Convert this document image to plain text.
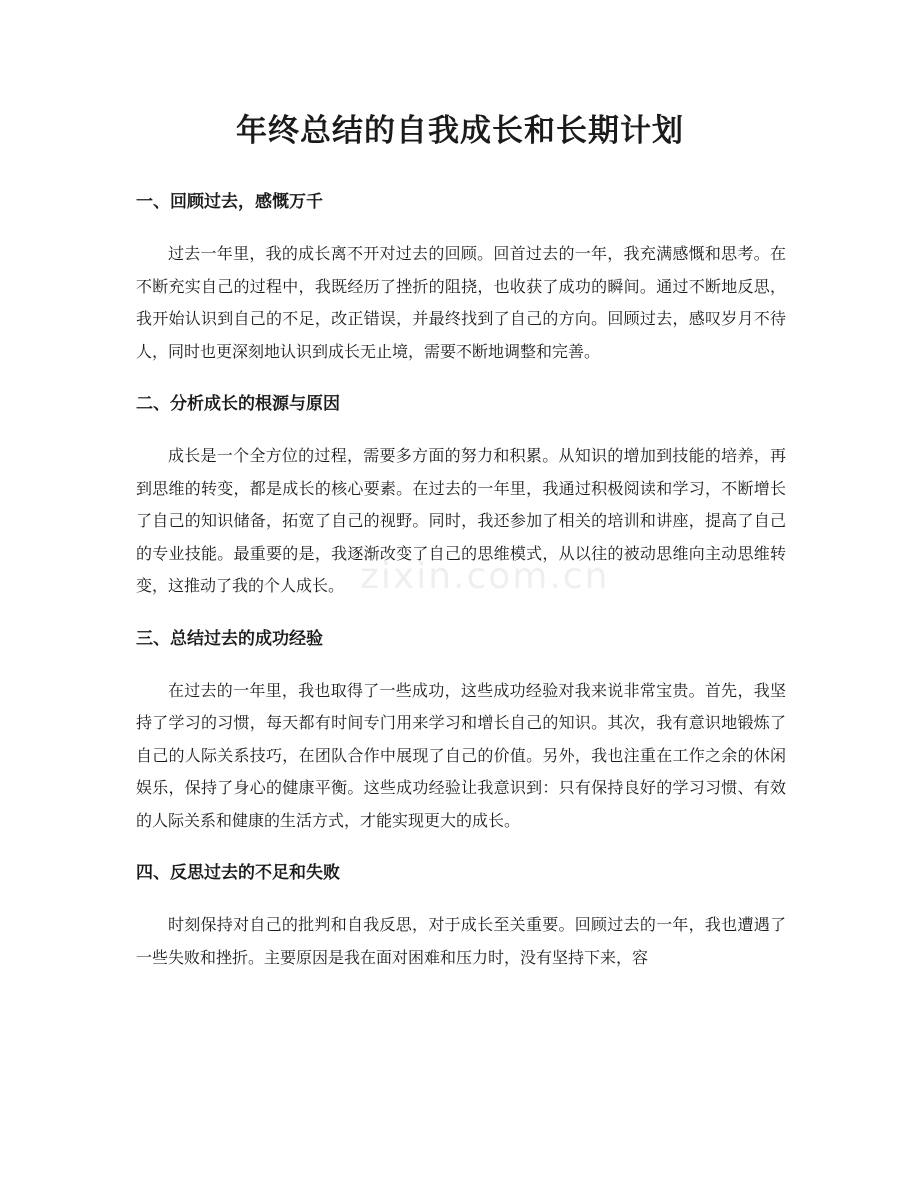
年终总结的自我成长和长期计划
zixin.com.cn
一、回顾过去，感慨万千

过去一年里，我的成长离不开对过去的回顾。回首过去的一年，我充满感慨和思考。在不断充实自己的过程中，我既经历了挫折的阻挠，也收获了成功的瞬间。通过不断地反思，我开始认识到自己的不足，改正错误，并最终找到了自己的方向。回顾过去，感叹岁月不待人，同时也更深刻地认识到成长无止境，需要不断地调整和完善。

二、分析成长的根源与原因

成长是一个全方位的过程，需要多方面的努力和积累。从知识的增加到技能的培养，再到思维的转变，都是成长的核心要素。在过去的一年里，我通过积极阅读和学习，不断增长了自己的知识储备，拓宽了自己的视野。同时，我还参加了相关的培训和讲座，提高了自己的专业技能。最重要的是，我逐渐改变了自己的思维模式，从以往的被动思维向主动思维转变，这推动了我的个人成长。

三、总结过去的成功经验

在过去的一年里，我也取得了一些成功，这些成功经验对我来说非常宝贵。首先，我坚持了学习的习惯，每天都有时间专门用来学习和增长自己的知识。其次，我有意识地锻炼了自己的人际关系技巧，在团队合作中展现了自己的价值。另外，我也注重在工作之余的休闲娱乐，保持了身心的健康平衡。这些成功经验让我意识到：只有保持良好的学习习惯、有效的人际关系和健康的生活方式，才能实现更大的成长。

四、反思过去的不足和失败

时刻保持对自己的批判和自我反思，对于成长至关重要。回顾过去的一年，我也遭遇了一些失败和挫折。主要原因是我在面对困难和压力时，没有坚持下来，容
